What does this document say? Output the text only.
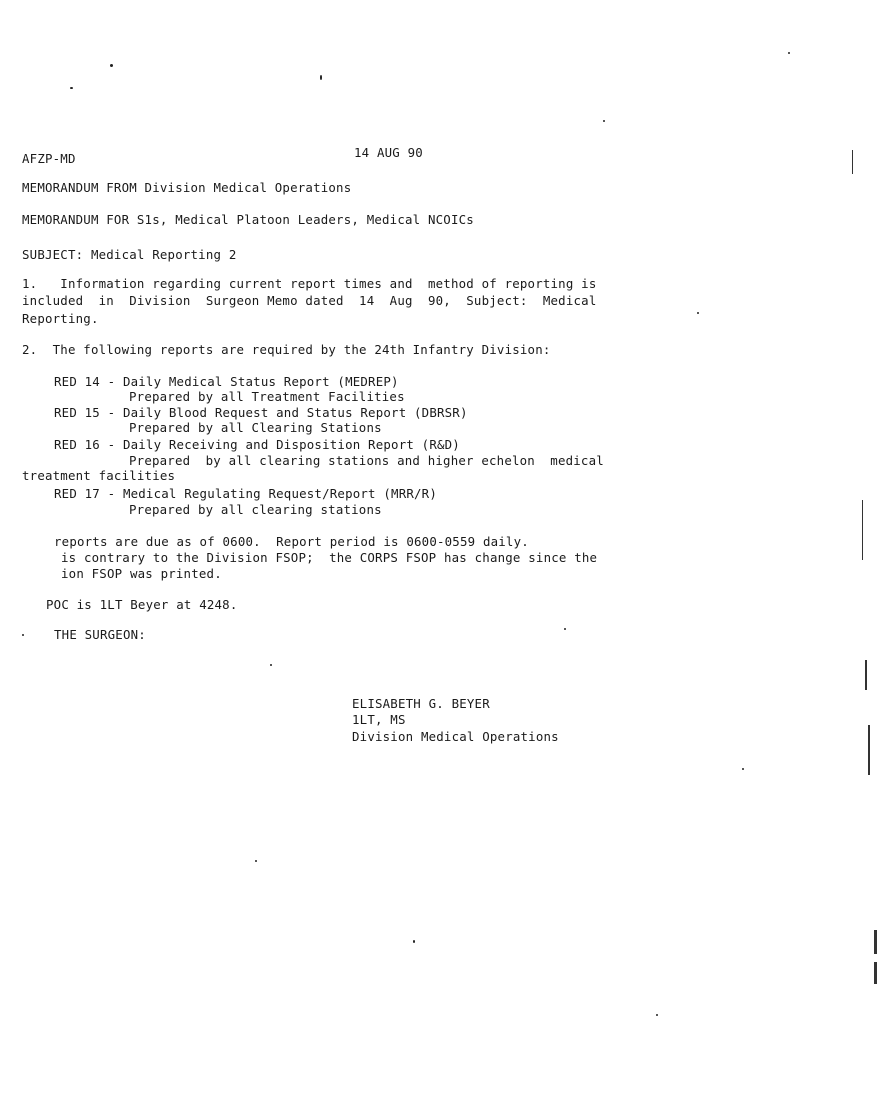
AFZP-MD	14 AUG 90
MEMORANDUM FROM Division Medical Operations
MEMORANDUM FOR S1s, Medical Platoon Leaders, Medical NCOICs
SUBJECT: Medical Reporting 2
1.   Information regarding current report times and  method of reporting is
included  in  Division  Surgeon Memo dated  14  Aug  90,  Subject:  Medical
Reporting.
2.  The following reports are required by the 24th Infantry Division:
RED 14 - Daily Medical Status Report (MEDREP)
Prepared by all Treatment Facilities
RED 15 - Daily Blood Request and Status Report (DBRSR)
Prepared by all Clearing Stations
RED 16 - Daily Receiving and Disposition Report (R&D)
Prepared  by all clearing stations and higher echelon  medical
treatment facilities
RED 17 - Medical Regulating Request/Report (MRR/R)
Prepared by all clearing stations
reports are due as of 0600.  Report period is 0600-0559 daily.
is contrary to the Division FSOP;  the CORPS FSOP has change since the
ion FSOP was printed.
POC is 1LT Beyer at 4248.
THE SURGEON:
ELISABETH G. BEYER
1LT, MS
Division Medical Operations
